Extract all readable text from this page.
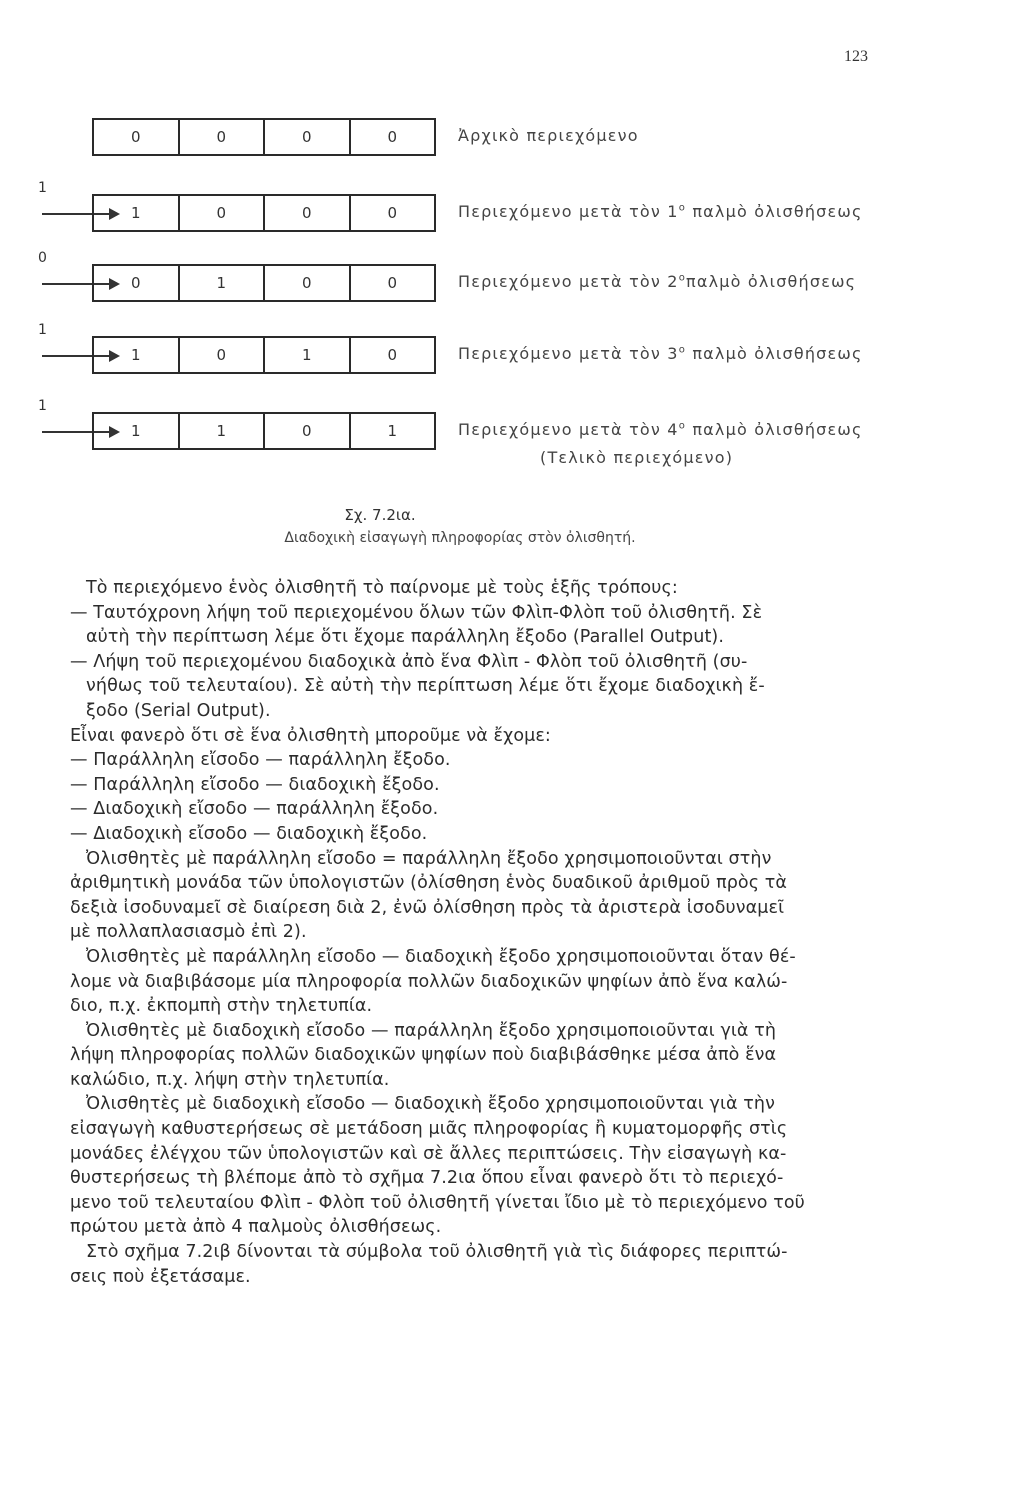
123
0	0	0	0	Ἀρχικὸ περιεχόμενο
1
1	0	0	0	Περιεχόμενο μετὰ τὸν $1^o$ παλμὸ ὀλισθήσεως
0
0	1	0	0	Περιεχόμενο μετὰ τὸν $2^o\pi\alpha\lambda\mu ὸ$ ὀλισθήσεως
1
1	0	1	0	Περιεχόμενο μετὰ τὸν $3^o$ παλμὸ ὀλισθήσεως
1
1	1	0	1	Περιεχόμενο μετὰ τὸν $4^o$ παλμὸ ὀλισθήσεως
(Τελικὸ περιεχόμενο)
Σχ. 7.2ια.
Διαδοχικὴ εἰσαγωγὴ πληροφορίας στὸν ὀλισθητή.

Τὸ περιεχόμενο ἑνὸς ὀλισθητῆ τὸ παίρνομε μὲ τοὺς ἑξῆς τρόπους:

— Ταυτόχρονη λήψη τοῦ περιεχομένου ὅλων τῶν Φλὶπ-Φλὸπ τοῦ ὀλισθητῆ. Σὲ

αὐτὴ τὴν περίπτωση λέμε ὅτι ἔχομε παράλληλη ἔξοδο (Parallel Output).

— Λήψη τοῦ περιεχομένου διαδοχικὰ ἀπὸ ἕνα Φλὶπ - Φλὸπ τοῦ ὀλισθητῆ (συ-

νήθως τοῦ τελευταίου). Σὲ αὐτὴ τὴν περίπτωση λέμε ὅτι ἔχομε διαδοχικὴ ἔ-

ξοδο (Serial Output).

Εἶναι φανερὸ ὅτι σὲ ἕνα ὀλισθητὴ μποροῦμε νὰ ἔχομε:

— Παράλληλη εἴσοδο — παράλληλη ἔξοδο.

— Παράλληλη εἴσοδο — διαδοχικὴ ἔξοδο.

— Διαδοχικὴ εἴσοδο — παράλληλη ἔξοδο.

— Διαδοχικὴ εἴσοδο — διαδοχικὴ ἔξοδο.

Ὀλισθητὲς μὲ παράλληλη εἴσοδο = παράλληλη ἔξοδο χρησιμοποιοῦνται στὴν

ἀριθμητικὴ μονάδα τῶν ὑπολογιστῶν (ὀλίσθηση ἑνὸς δυαδικοῦ ἀριθμοῦ πρὸς τὰ

δεξιὰ ἰσοδυναμεῖ σὲ διαίρεση διὰ 2, ἐνῶ ὀλίσθηση πρὸς τὰ ἀριστερὰ ἰσοδυναμεῖ

μὲ πολλαπλασιασμὸ ἐπὶ 2).

Ὀλισθητὲς μὲ παράλληλη εἴσοδο — διαδοχικὴ ἔξοδο χρησιμοποιοῦνται ὅταν θέ-

λομε νὰ διαβιβάσομε μία πληροφορία πολλῶν διαδοχικῶν ψηφίων ἀπὸ ἕνα καλώ-

διο, π.χ. ἐκπομπὴ στὴν τηλετυπία.

Ὀλισθητὲς μὲ διαδοχικὴ εἴσοδο — παράλληλη ἔξοδο χρησιμοποιοῦνται γιὰ τὴ

λήψη πληροφορίας πολλῶν διαδοχικῶν ψηφίων ποὺ διαβιβάσθηκε μέσα ἀπὸ ἕνα

καλώδιο, π.χ. λήψη στὴν τηλετυπία.

Ὀλισθητὲς μὲ διαδοχικὴ εἴσοδο — διαδοχικὴ ἔξοδο χρησιμοποιοῦνται γιὰ τὴν

εἰσαγωγὴ καθυστερήσεως σὲ μετάδοση μιᾶς πληροφορίας ἢ κυματομορφῆς στὶς

μονάδες ἐλέγχου τῶν ὑπολογιστῶν καὶ σὲ ἄλλες περιπτώσεις. Τὴν εἰσαγωγὴ κα-

θυστερήσεως τὴ βλέπομε ἀπὸ τὸ σχῆμα 7.2ια ὅπου εἶναι φανερὸ ὅτι τὸ περιεχό-

μενο τοῦ τελευταίου Φλὶπ - Φλὸπ τοῦ ὀλισθητῆ γίνεται ἴδιο μὲ τὸ περιεχόμενο τοῦ

πρώτου μετὰ ἀπὸ 4 παλμοὺς ὀλισθήσεως.

Στὸ σχῆμα 7.2ιβ δίνονται τὰ σύμβολα τοῦ ὀλισθητῆ γιὰ τὶς διάφορες περιπτώ-

σεις ποὺ ἐξετάσαμε.
